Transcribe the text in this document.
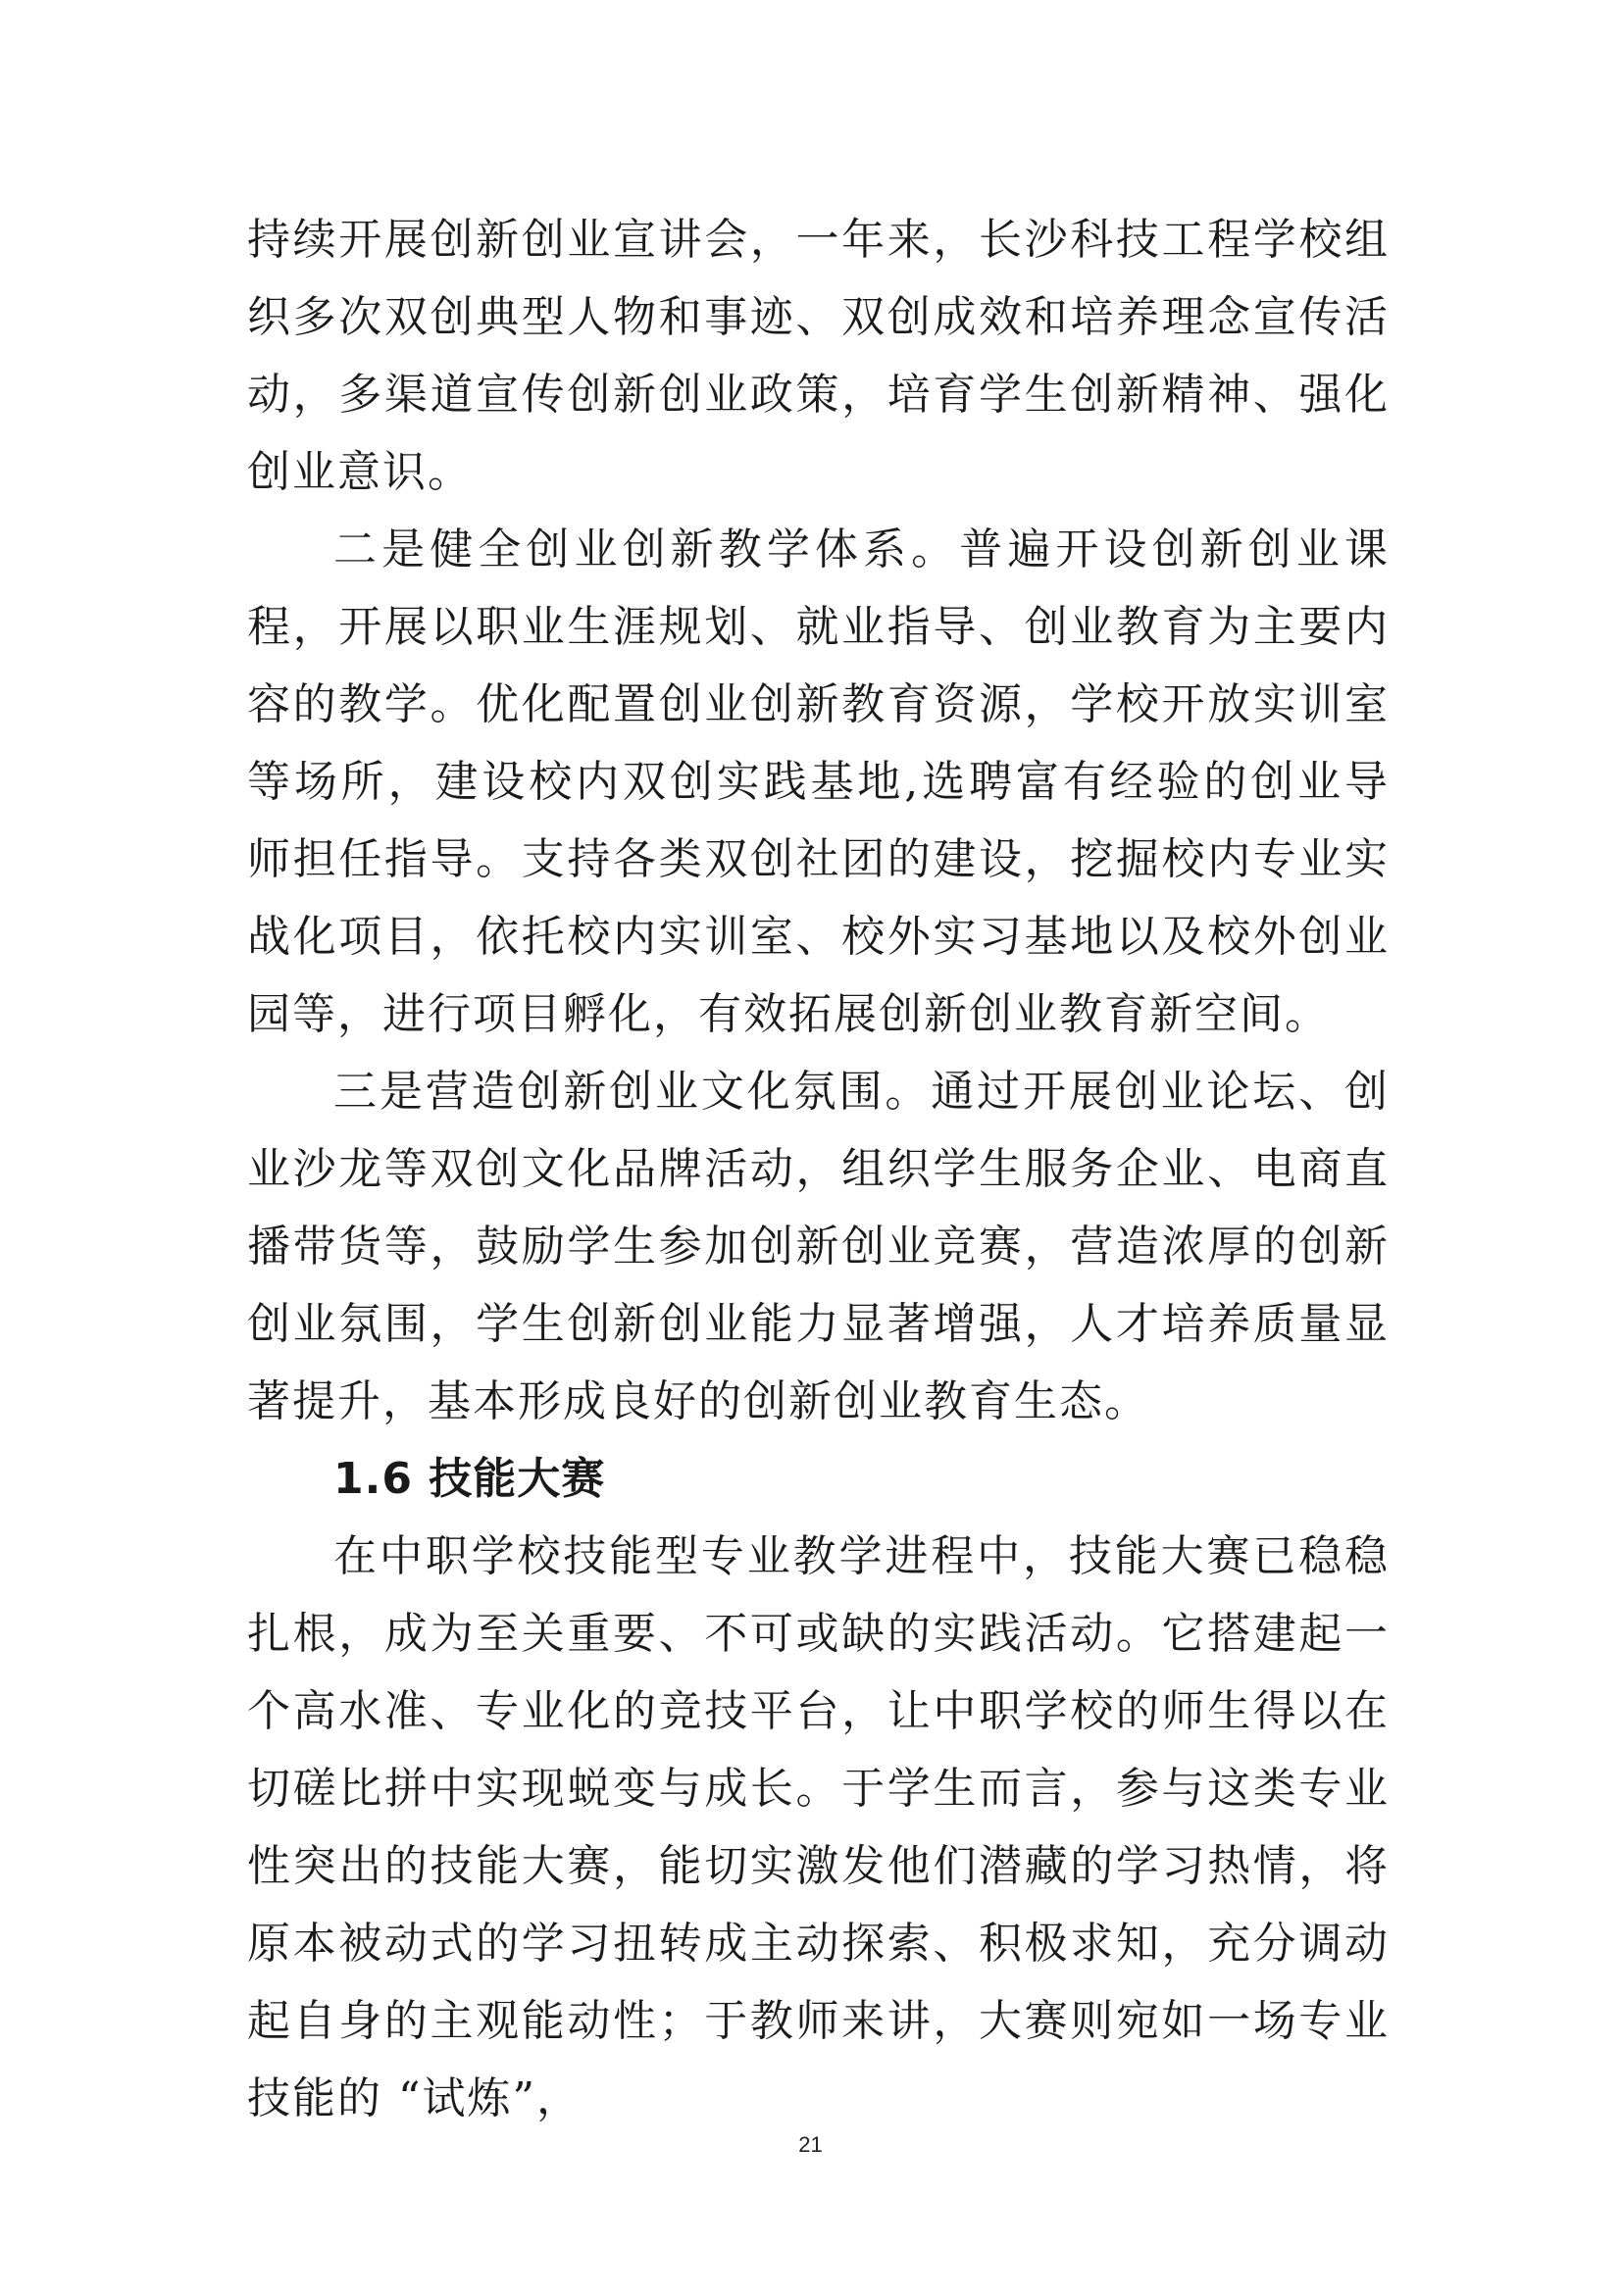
持续开展创新创业宣讲会，一年来，长沙科技工程学校组织多次双创典型人物和事迹、双创成效和培养理念宣传活动，多渠道宣传创新创业政策，培育学生创新精神、强化创业意识。

二是健全创业创新教学体系。普遍开设创新创业课程，开展以职业生涯规划、就业指导、创业教育为主要内容的教学。优化配置创业创新教育资源，学校开放实训室等场所，建设校内双创实践基地,选聘富有经验的创业导师担任指导。支持各类双创社团的建设，挖掘校内专业实战化项目，依托校内实训室、校外实习基地以及校外创业园等，进行项目孵化，有效拓展创新创业教育新空间。

三是营造创新创业文化氛围。通过开展创业论坛、创业沙龙等双创文化品牌活动，组织学生服务企业、电商直播带货等，鼓励学生参加创新创业竞赛，营造浓厚的创新创业氛围，学生创新创业能力显著增强，人才培养质量显著提升，基本形成良好的创新创业教育生态。

1.6 技能大赛

在中职学校技能型专业教学进程中，技能大赛已稳稳扎根，成为至关重要、不可或缺的实践活动。它搭建起一个高水准、专业化的竞技平台，让中职学校的师生得以在切磋比拼中实现蜕变与成长。于学生而言，参与这类专业性突出的技能大赛，能切实激发他们潜藏的学习热情，将原本被动式的学习扭转成主动探索、积极求知，充分调动起自身的主观能动性；于教师来讲，大赛则宛如一场专业技能的 “试炼”，

21
